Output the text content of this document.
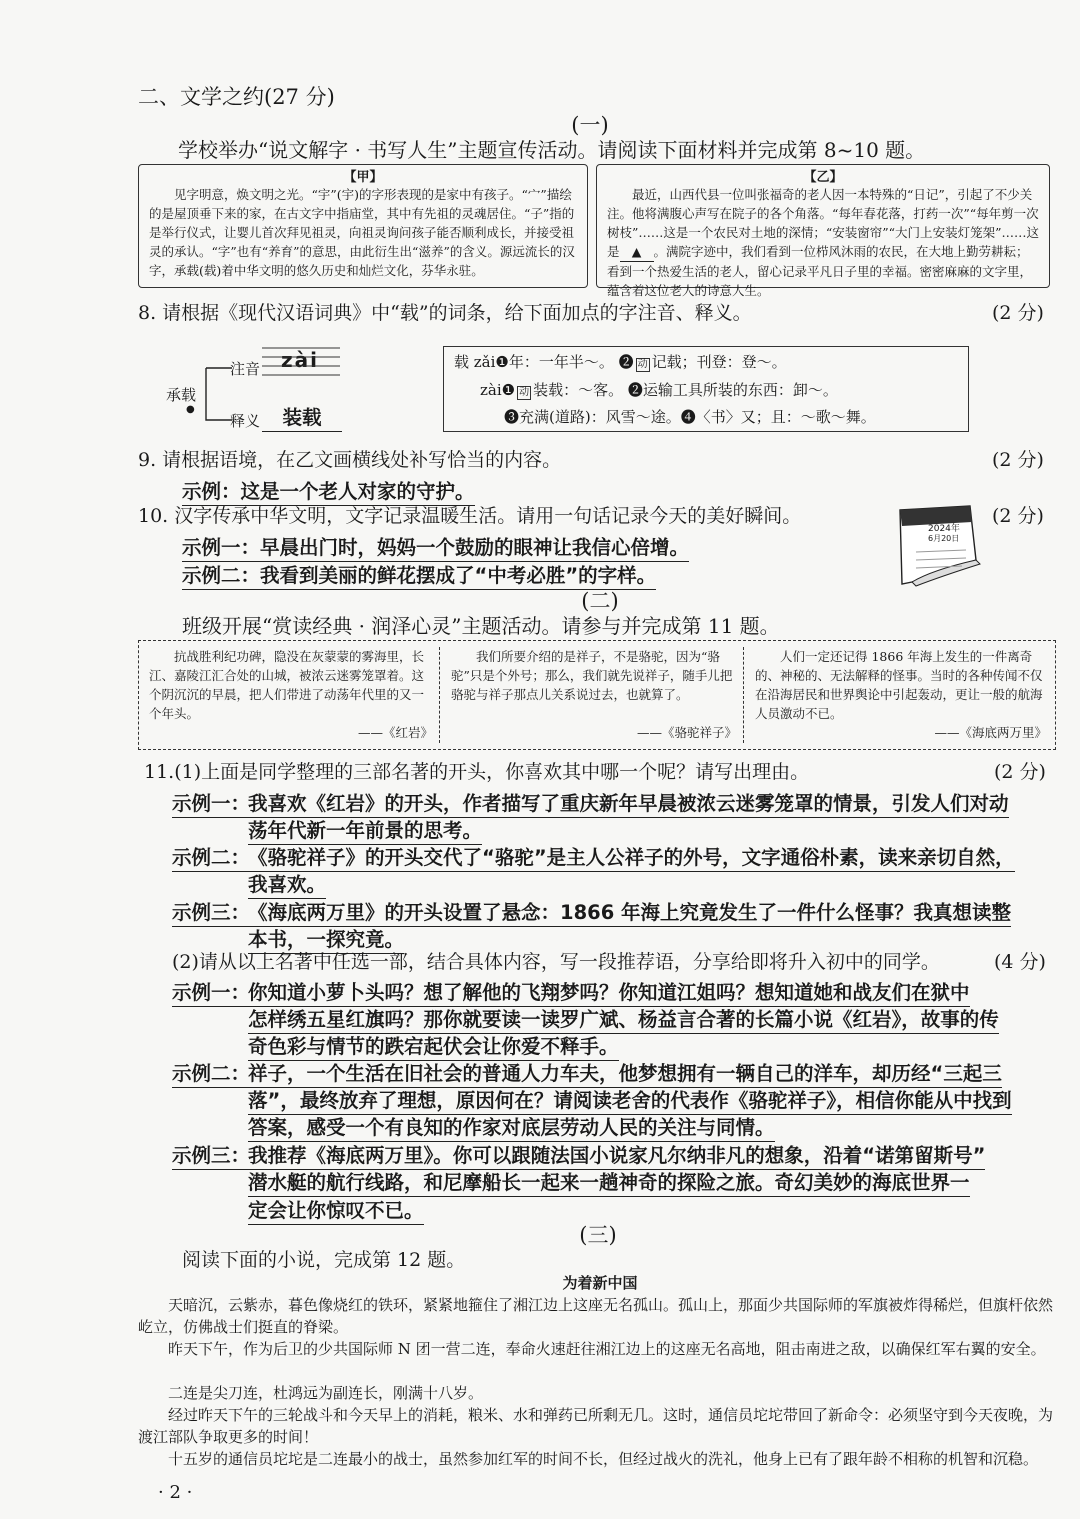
二、文学之约(27 分)
(一)
学校举办“说文解字 · 书写人生”主题宣传活动。请阅读下面材料并完成第 8~10 题。
【甲】
见字明意，焕文明之光。“宇”(宇)的字形表现的是家中有孩子。“宀”描绘的是屋顶垂下来的家，在古文字中指庙堂，其中有先祖的灵魂居住。“子”指的是举行仪式，让婴儿首次拜见祖灵，向祖灵询问孩子能否顺利成长，并接受祖灵的承认。“字”也有“养育”的意思，由此衍生出“滋养”的含义。源远流长的汉字，承载(载)着中华文明的悠久历史和灿烂文化，芬华永驻。
【乙】
最近，山西代县一位叫张福奇的老人因一本特殊的“日记”，引起了不少关注。他将满腹心声写在院子的各个角落。“每年春花落，打药一次”“每年剪一次树枝”……这是一个农民对土地的深情；“安装窗帘”“大门上安装灯笼架”……这是 ▲ 。满院字迹中，我们看到一位栉风沐雨的农民，在大地上勤劳耕耘；看到一个热爱生活的老人，留心记录平凡日子里的幸福。密密麻麻的文字里，蕴含着这位老人的诗意人生。
8. 请根据《现代汉语词典》中“载”的词条，给下面加点的字注音、释义。	(2 分)
承载
●
注音	zài
释义	装载
载 zǎi❶年：一年半～。 ❷ 动 记载；刊登：登～。
zài❶ 动 装载：～客。 ❷运输工具所装的东西：卸～。
❸充满(道路)：风雪～途。❹〈书〉又；且：～歌～舞。
9. 请根据语境，在乙文画横线处补写恰当的内容。	(2 分)
示例：这是一个老人对家的守护。
10. 汉字传承中华文明，文字记录温暖生活。请用一句话记录今天的美好瞬间。	(2 分)
示例一：早晨出门时，妈妈一个鼓励的眼神让我信心倍增。
示例二：我看到美丽的鲜花摆成了“中考必胜”的字样。
2024年
6月20日
(二)
班级开展“赏读经典 · 润泽心灵”主题活动。请参与并完成第 11 题。
抗战胜利纪功碑，隐没在灰蒙蒙的雾海里，长江、嘉陵江汇合处的山城，被浓云迷雾笼罩着。这个阴沉沉的早晨，把人们带进了动荡年代里的又一个年头。
——《红岩》
我们所要介绍的是祥子，不是骆驼，因为“骆驼”只是个外号；那么，我们就先说祥子，随手儿把骆驼与祥子那点儿关系说过去，也就算了。
——《骆驼祥子》
人们一定还记得 1866 年海上发生的一件离奇的、神秘的、无法解释的怪事。当时的各种传闻不仅在沿海居民和世界舆论中引起轰动，更让一般的航海人员激动不已。
——《海底两万里》
11.(1)上面是同学整理的三部名著的开头，你喜欢其中哪一个呢？请写出理由。	(2 分)
示例一：
我喜欢《红岩》的开头，作者描写了重庆新年早晨被浓云迷雾笼罩的情景，引发人们对动
荡年代新一年前景的思考。
示例二：
《骆驼祥子》的开头交代了“骆驼”是主人公祥子的外号，文字通俗朴素，读来亲切自然，
我喜欢。
示例三：
《海底两万里》的开头设置了悬念：1866 年海上究竟发生了一件什么怪事？我真想读整
本书，一探究竟。
(2)请从以上名著中任选一部，结合具体内容，写一段推荐语，分享给即将升入初中的同学。	(4 分)
示例一：
你知道小萝卜头吗？想了解他的飞翔梦吗？你知道江姐吗？想知道她和战友们在狱中
怎样绣五星红旗吗？那你就要读一读罗广斌、杨益言合著的长篇小说《红岩》，故事的传
奇色彩与情节的跌宕起伏会让你爱不释手。
示例二：
祥子，一个生活在旧社会的普通人力车夫，他梦想拥有一辆自己的洋车，却历经“三起三
落”，最终放弃了理想，原因何在？请阅读老舍的代表作《骆驼祥子》，相信你能从中找到
答案，感受一个有良知的作家对底层劳动人民的关注与同情。
示例三：
我推荐《海底两万里》。你可以跟随法国小说家凡尔纳非凡的想象，沿着“诺第留斯号”
潜水艇的航行线路，和尼摩船长一起来一趟神奇的探险之旅。奇幻美妙的海底世界一
定会让你惊叹不已。
(三)
阅读下面的小说，完成第 12 题。
为着新中国
天暗沉，云紫赤，暮色像烧红的铁环，紧紧地箍住了湘江边上这座无名孤山。孤山上，那面少共国际师的军旗被炸得稀烂，但旗杆依然屹立，仿佛战士们挺直的脊梁。
昨天下午，作为后卫的少共国际师 N 团一营二连，奉命火速赶往湘江边上的这座无名高地，阻击南进之敌，以确保红军右翼的安全。
二连是尖刀连，杜鸿远为副连长，刚满十八岁。
经过昨天下午的三轮战斗和今天早上的消耗，粮米、水和弹药已所剩无几。这时，通信员坨坨带回了新命令：必须坚守到今天夜晚，为渡江部队争取更多的时间！
十五岁的通信员坨坨是二连最小的战士，虽然参加红军的时间不长，但经过战火的洗礼，他身上已有了跟年龄不相称的机智和沉稳。
· 2 ·
